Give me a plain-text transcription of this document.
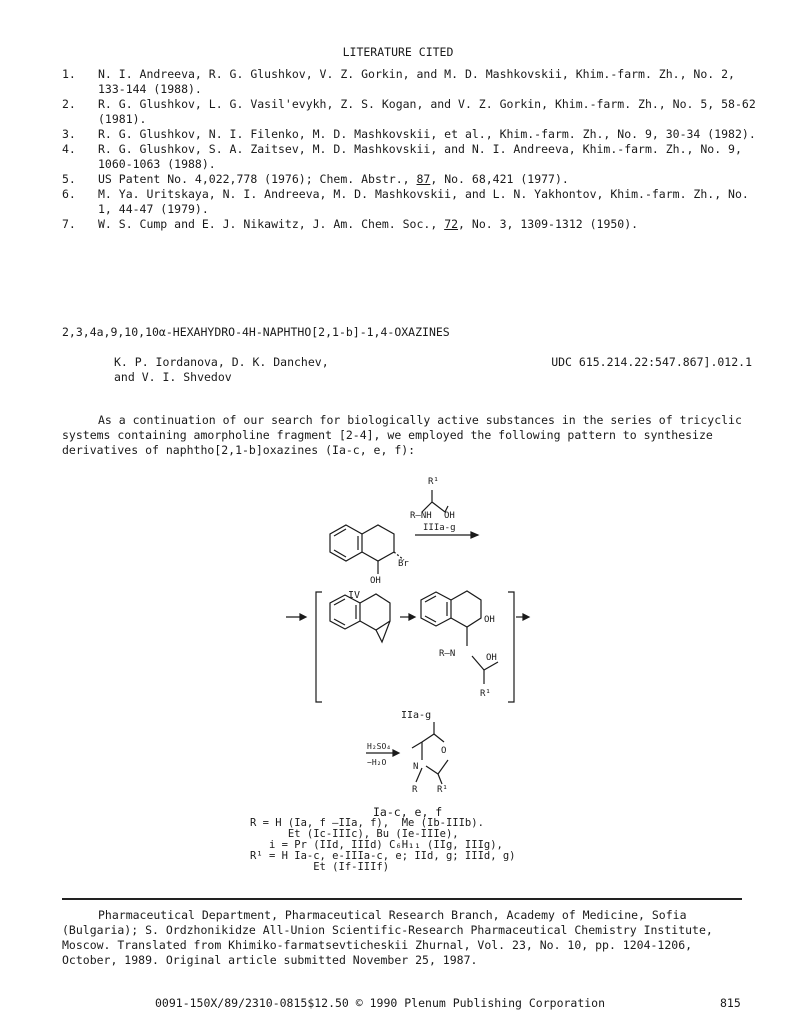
LITERATURE CITED
1. N. I. Andreeva, R. G. Glushkov, V. Z. Gorkin, and M. D. Mashkovskii, Khim.-farm. Zh., No. 2, 133-144 (1988).
2. R. G. Glushkov, L. G. Vasil'evykh, Z. S. Kogan, and V. Z. Gorkin, Khim.-farm. Zh., No. 5, 58-62 (1981).
3. R. G. Glushkov, N. I. Filenko, M. D. Mashkovskii, et al., Khim.-farm. Zh., No. 9, 30-34 (1982).
4. R. G. Glushkov, S. A. Zaitsev, M. D. Mashkovskii, and N. I. Andreeva, Khim.-farm. Zh., No. 9, 1060-1063 (1988).
5. US Patent No. 4,022,778 (1976); Chem. Abstr., 87, No. 68,421 (1977).
6. M. Ya. Uritskaya, N. I. Andreeva, M. D. Mashkovskii, and L. N. Yakhontov, Khim.-farm. Zh., No. 1, 44-47 (1979).
7. W. S. Cump and E. J. Nikawitz, J. Am. Chem. Soc., 72, No. 3, 1309-1312 (1950).
2,3,4a,9,10,10α-HEXAHYDRO-4H-NAPHTHO[2,1-b]-1,4-OXAZINES
K. P. Iordanova, D. K. Danchev,
and V. I. Shvedov
UDC 615.214.22:547.867].012.1
As a continuation of our search for biologically active substances in the series of tricyclic systems containing amorpholine fragment [2-4], we employed the following pattern to synthesize derivatives of naphtho[2,1-b]oxazines (Ia-c, e, f):
R¹
R—NH OH
IIIa-g
Br
OH
IV
OH
R—N	OH
R¹
IIa-g
H₂SO₄
−H₂O
O
N
R R¹
Ia-c, e, f
R = H (Ia, f —IIa, f),  Me (Ib-IIIb).
Et (Ic-IIIc), Bu (Ie-IIIe),
i = Pr (IId, IIId) C₆H₁₁ (IIg, IIIg),
R¹ = H Ia-c, e-IIIa-c, e; IId, g; IIId, g)
Et (If-IIIf)
Pharmaceutical Department, Pharmaceutical Research Branch, Academy of Medicine, Sofia (Bulgaria); S. Ordzhonikidze All-Union Scientific-Research Pharmaceutical Chemistry Institute, Moscow. Translated from Khimiko-farmatsevticheskii Zhurnal, Vol. 23, No. 10, pp. 1204-1206, October, 1989. Original article submitted November 25, 1987.
0091-150X/89/2310-0815$12.50 © 1990 Plenum Publishing Corporation	815
